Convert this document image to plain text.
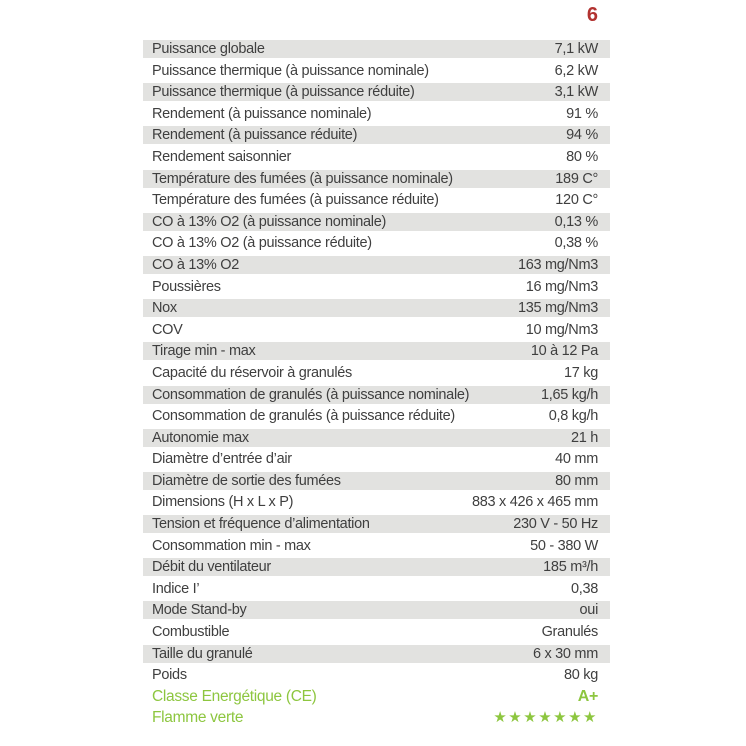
6
Puissance globale	7,1 kW
Puissance thermique (à puissance nominale)	6,2 kW
Puissance thermique (à puissance réduite)	3,1 kW
Rendement (à puissance nominale)	91 %
Rendement (à puissance réduite)	94 %
Rendement saisonnier	80 %
Température des fumées (à puissance nominale)	189 C°
Température des fumées (à puissance réduite)	120 C°
CO à 13% O2 (à puissance nominale)	0,13 %
CO à 13% O2 (à puissance réduite)	0,38 %
CO à 13% O2	163 mg/Nm3
Poussières	16 mg/Nm3
Nox	135 mg/Nm3
COV	10 mg/Nm3
Tirage min - max	10 à 12 Pa
Capacité du réservoir à granulés	17 kg
Consommation de granulés (à puissance nominale)	1,65 kg/h
Consommation de granulés (à puissance réduite)	0,8 kg/h
Autonomie max	21 h
Diamètre d’entrée d’air	40 mm
Diamètre de sortie des fumées	80 mm
Dimensions (H x L x P)	883 x 426 x 465 mm
Tension et fréquence d’alimentation	230 V - 50 Hz
Consommation min - max	50 - 380 W
Débit du ventilateur	185 m³/h
Indice I’	0,38
Mode Stand-by	oui
Combustible	Granulés
Taille du granulé	6 x 30 mm
Poids	80 kg
Classe Energétique (CE)	A+
Flamme verte	★★★★★★★
